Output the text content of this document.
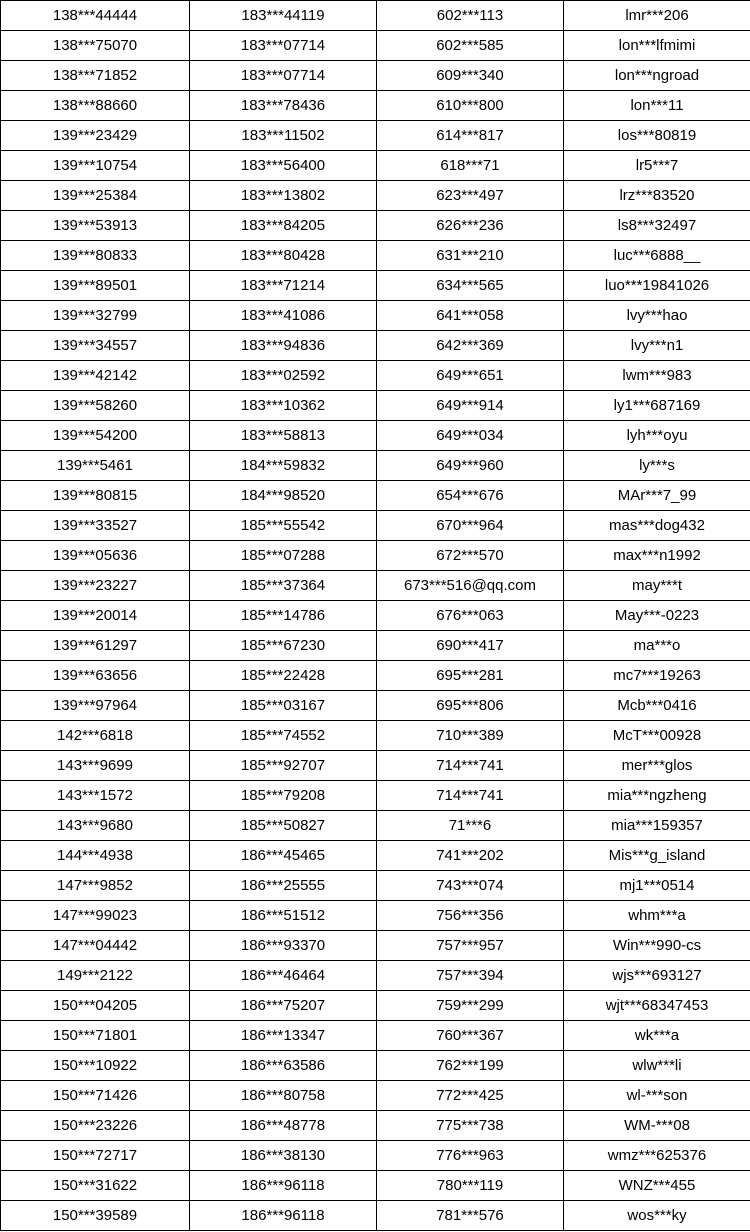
138***44444	183***44119	602***113	lmr***206
138***75070	183***07714	602***585	lon***lfmimi
138***71852	183***07714	609***340	lon***ngroad
138***88660	183***78436	610***800	lon***11
139***23429	183***11502	614***817	los***80819
139***10754	183***56400	618***71	lr5***7
139***25384	183***13802	623***497	lrz***83520
139***53913	183***84205	626***236	ls8***32497
139***80833	183***80428	631***210	luc***6888__
139***89501	183***71214	634***565	luo***19841026
139***32799	183***41086	641***058	lvy***hao
139***34557	183***94836	642***369	lvy***n1
139***42142	183***02592	649***651	lwm***983
139***58260	183***10362	649***914	ly1***687169
139***54200	183***58813	649***034	lyh***oyu
139***5461	184***59832	649***960	ly***s
139***80815	184***98520	654***676	MAr***7_99
139***33527	185***55542	670***964	mas***dog432
139***05636	185***07288	672***570	max***n1992
139***23227	185***37364	673***516@qq.com	may***t
139***20014	185***14786	676***063	May***-0223
139***61297	185***67230	690***417	ma***o
139***63656	185***22428	695***281	mc7***19263
139***97964	185***03167	695***806	Mcb***0416
142***6818	185***74552	710***389	McT***00928
143***9699	185***92707	714***741	mer***glos
143***1572	185***79208	714***741	mia***ngzheng
143***9680	185***50827	71***6	mia***159357
144***4938	186***45465	741***202	Mis***g_island
147***9852	186***25555	743***074	mj1***0514
147***99023	186***51512	756***356	whm***a
147***04442	186***93370	757***957	Win***990-cs
149***2122	186***46464	757***394	wjs***693127
150***04205	186***75207	759***299	wjt***68347453
150***71801	186***13347	760***367	wk***a
150***10922	186***63586	762***199	wlw***li
150***71426	186***80758	772***425	wl-***son
150***23226	186***48778	775***738	WM-***08
150***72717	186***38130	776***963	wmz***625376
150***31622	186***96118	780***119	WNZ***455
150***39589	186***96118	781***576	wos***ky
